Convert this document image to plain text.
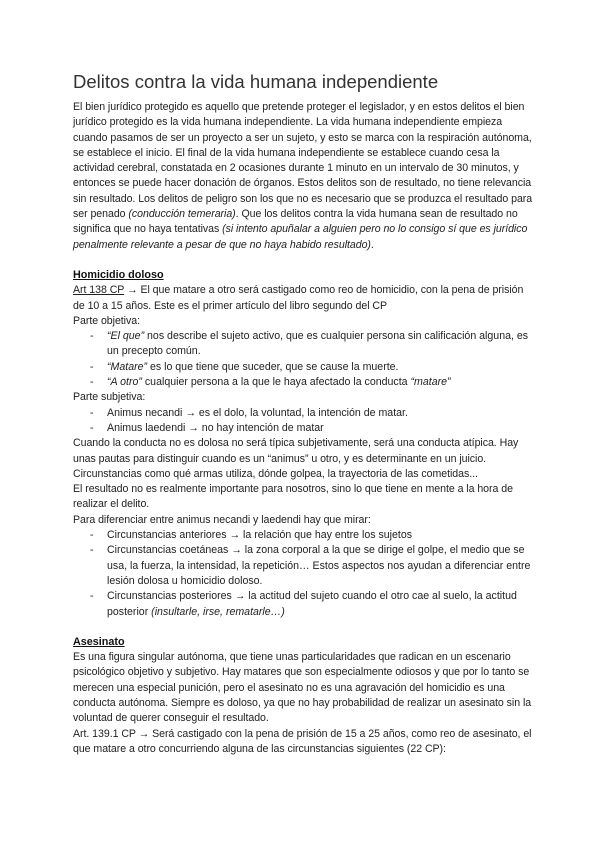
Delitos contra la vida humana independiente

El bien jurídico protegido es aquello que pretende proteger el legislador, y en estos delitos el bien jurídico protegido es la vida humana independiente. La vida humana independiente empieza cuando pasamos de ser un proyecto a ser un sujeto, y esto se marca con la respiración autónoma, se establece el inicio. El final de la vida humana independiente se establece cuando cesa la actividad cerebral, constatada en 2 ocasiones durante 1 minuto en un intervalo de 30 minutos, y entonces se puede hacer donación de órganos. Estos delitos son de resultado, no tiene relevancia sin resultado. Los delitos de peligro son los que no es necesario que se produzca el resultado para ser penado (conducción temeraria). Que los delitos contra la vida humana sean de resultado no significa que no haya tentativas (si intento apuñalar a alguien pero no lo consigo sí que es jurídico penalmente relevante a pesar de que no haya habido resultado).

Homicidio doloso

Art 138 CP → El que matare a otro será castigado como reo de homicidio, con la pena de prisión de 10 a 15 años. Este es el primer artículo del libro segundo del CP

Parte objetiva:

- “El que” nos describe el sujeto activo, que es cualquier persona sin calificación alguna, es un precepto común.
- “Matare” es lo que tiene que suceder, que se cause la muerte.
- “A otro” cualquier persona a la que le haya afectado la conducta “matare”

Parte subjetiva:

- Animus necandi → es el dolo, la voluntad, la intención de matar.
- Animus laedendi → no hay intención de matar

Cuando la conducta no es dolosa no será típica subjetivamente, será una conducta atípica. Hay unas pautas para distinguir cuando es un “animus” u otro, y es determinante en un juicio. Circunstancias como qué armas utiliza, dónde golpea, la trayectoria de las cometidas...

El resultado no es realmente importante para nosotros, sino lo que tiene en mente a la hora de realizar el delito.

Para diferenciar entre animus necandi y laedendi hay que mirar:

- Circunstancias anteriores → la relación que hay entre los sujetos
- Circunstancias coetáneas → la zona corporal a la que se dirige el golpe, el medio que se usa, la fuerza, la intensidad, la repetición… Estos aspectos nos ayudan a diferenciar entre lesión dolosa u homicidio doloso.
- Circunstancias posteriores → la actitud del sujeto cuando el otro cae al suelo, la actitud posterior (insultarle, irse, rematarle…)
Asesinato

Es una figura singular autónoma, que tiene unas particularidades que radican en un escenario psicológico objetivo y subjetivo. Hay matares que son especialmente odiosos y que por lo tanto se merecen una especial punición, pero el asesinato no es una agravación del homicidio es una conducta autónoma. Siempre es doloso, ya que no hay probabilidad de realizar un asesinato sin la voluntad de querer conseguir el resultado.

Art. 139.1 CP → Será castigado con la pena de prisión de 15 a 25 años, como reo de asesinato, el que matare a otro concurriendo alguna de las circunstancias siguientes (22 CP):
